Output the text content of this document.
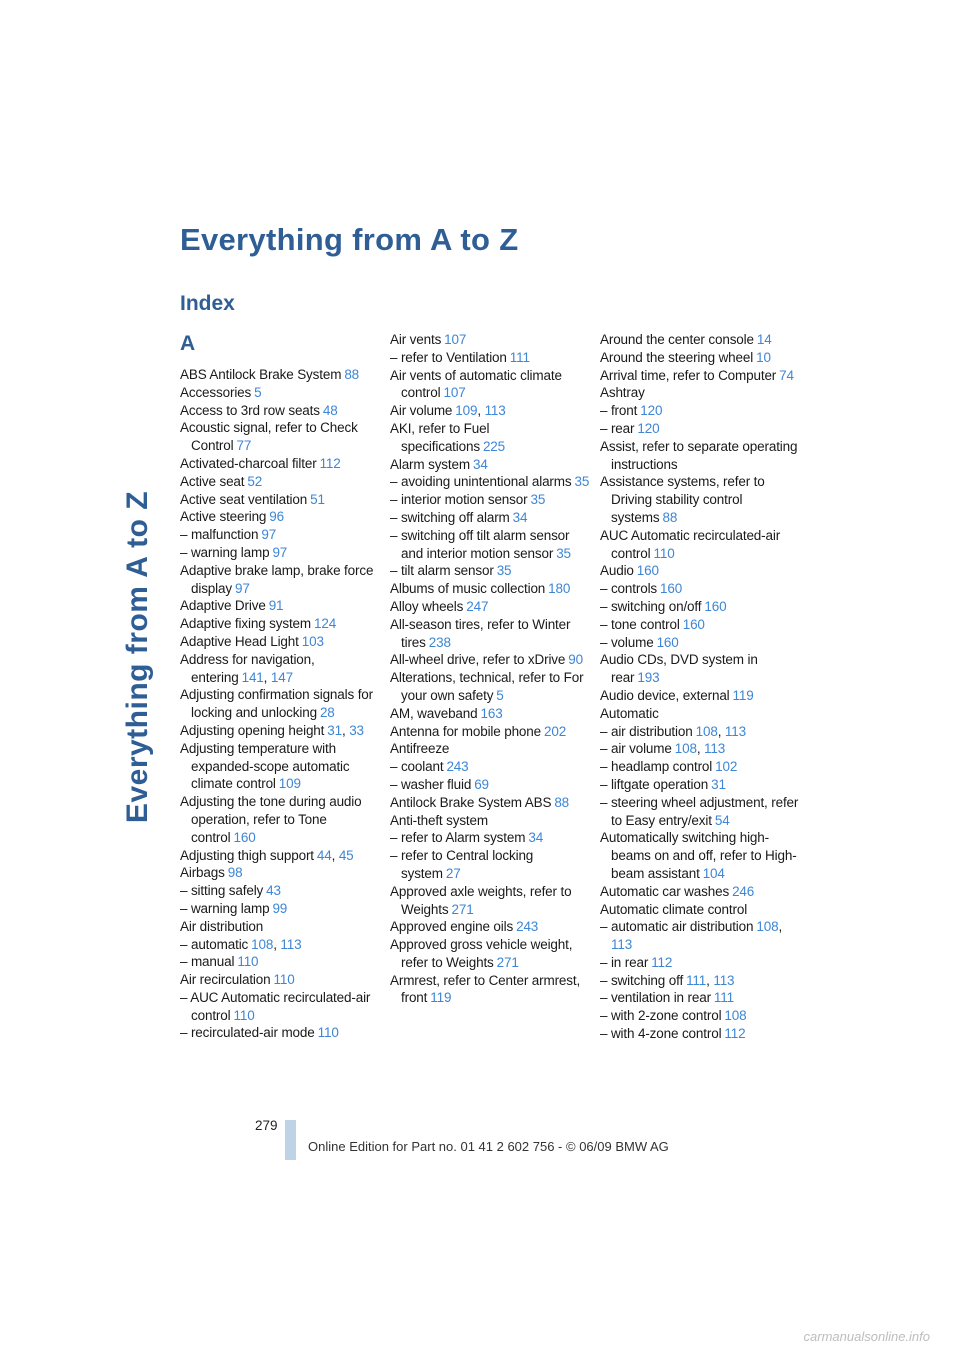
Everything from A to Z
Everything from A to Z
Index
A
ABS Antilock Brake System 88
Accessories 5
Access to 3rd row seats 48
Acoustic signal, refer to Check Control 77
Activated-charcoal filter 112
Active seat 52
Active seat ventilation 51
Active steering 96
– malfunction 97
– warning lamp 97
Adaptive brake lamp, brake force display 97
Adaptive Drive 91
Adaptive fixing system 124
Adaptive Head Light 103
Address for navigation, entering 141, 147
Adjusting confirmation signals for locking and unlocking 28
Adjusting opening height 31, 33
Adjusting temperature with expanded-scope automatic climate control 109
Adjusting the tone during audio operation, refer to Tone control 160
Adjusting thigh support 44, 45
Airbags 98
– sitting safely 43
– warning lamp 99
Air distribution
– automatic 108, 113
– manual 110
Air recirculation 110
– AUC Automatic recirculated-air control 110
– recirculated-air mode 110
Air vents 107
– refer to Ventilation 111
Air vents of automatic climate control 107
Air volume 109, 113
AKI, refer to Fuel specifications 225
Alarm system 34
– avoiding unintentional alarms 35
– interior motion sensor 35
– switching off alarm 34
– switching off tilt alarm sensor and interior motion sensor 35
– tilt alarm sensor 35
Albums of music collection 180
Alloy wheels 247
All-season tires, refer to Winter tires 238
All-wheel drive, refer to xDrive 90
Alterations, technical, refer to For your own safety 5
AM, waveband 163
Antenna for mobile phone 202
Antifreeze
– coolant 243
– washer fluid 69
Antilock Brake System ABS 88
Anti-theft system
– refer to Alarm system 34
– refer to Central locking system 27
Approved axle weights, refer to Weights 271
Approved engine oils 243
Approved gross vehicle weight, refer to Weights 271
Armrest, refer to Center armrest, front 119
Around the center console 14
Around the steering wheel 10
Arrival time, refer to Computer 74
Ashtray
– front 120
– rear 120
Assist, refer to separate operating instructions
Assistance systems, refer to Driving stability control systems 88
AUC Automatic recirculated-air control 110
Audio 160
– controls 160
– switching on/off 160
– tone control 160
– volume 160
Audio CDs, DVD system in rear 193
Audio device, external 119
Automatic
– air distribution 108, 113
– air volume 108, 113
– headlamp control 102
– liftgate operation 31
– steering wheel adjustment, refer to Easy entry/exit 54
Automatically switching high-beams on and off, refer to High-beam assistant 104
Automatic car washes 246
Automatic climate control
– automatic air distribution 108, 113
– in rear 112
– switching off 111, 113
– ventilation in rear 111
– with 2-zone control 108
– with 4-zone control 112
279
Online Edition for Part no. 01 41 2 602 756 - © 06/09 BMW AG
carmanualsonline.info
